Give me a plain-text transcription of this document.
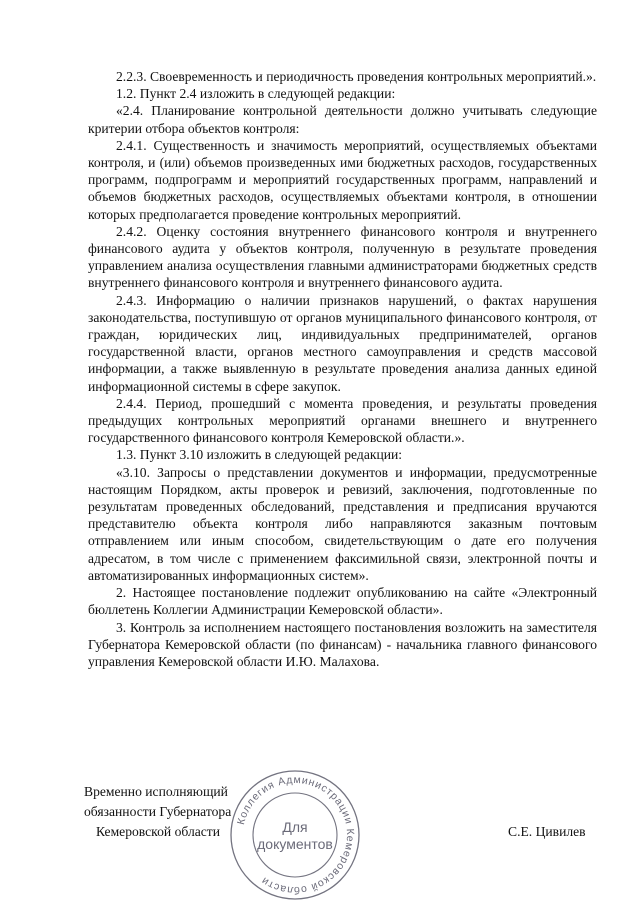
2.2.3. Своевременность и периодичность проведения контрольных мероприятий.».

1.2. Пункт 2.4 изложить в следующей редакции:

«2.4. Планирование контрольной деятельности должно учитывать следующие критерии отбора объектов контроля:

2.4.1. Существенность и значимость мероприятий, осуществляемых объектами контроля, и (или) объемов произведенных ими бюджетных расходов, государственных программ, подпрограмм и мероприятий государственных программ, направлений и объемов бюджетных расходов, осуществляемых объектами контроля, в отношении которых предполагается проведение контрольных мероприятий.

2.4.2. Оценку состояния внутреннего финансового контроля и внутреннего финансового аудита у объектов контроля, полученную в результате проведения управлением анализа осуществления главными администраторами бюджетных средств внутреннего финансового контроля и внутреннего финансового аудита.

2.4.3. Информацию о наличии признаков нарушений, о фактах нарушения законодательства, поступившую от органов муниципального финансового контроля, от граждан, юридических лиц, индивидуальных предпринимателей, органов государственной власти, органов местного самоуправления и средств массовой информации, а также выявленную в результате проведения анализа данных единой информационной системы в сфере закупок.

2.4.4. Период, прошедший с момента проведения, и результаты проведения предыдущих контрольных мероприятий органами внешнего и внутреннего государственного финансового контроля Кемеровской области.».

1.3. Пункт 3.10 изложить в следующей редакции:

«3.10. Запросы о представлении документов и информации, предусмотренные настоящим Порядком, акты проверок и ревизий, заключения, подготовленные по результатам проведенных обследований, представления и предписания вручаются представителю объекта контроля либо направляются заказным почтовым отправлением или иным способом, свидетельствующим о дате его получения адресатом, в том числе с применением факсимильной связи, электронной почты и автоматизированных информационных систем».

2. Настоящее постановление подлежит опубликованию на сайте «Электронный бюллетень Коллегии Администрации Кемеровской области».

3. Контроль за исполнением настоящего постановления возложить на заместителя Губернатора Кемеровской области (по финансам) - начальника главного финансового управления Кемеровской области И.Ю. Малахова.

Временно исполняющий
обязанности Губернатора
Кемеровской области	С.Е. Цивилев
Коллегия Администрации Кемеровской области
Для
документов
